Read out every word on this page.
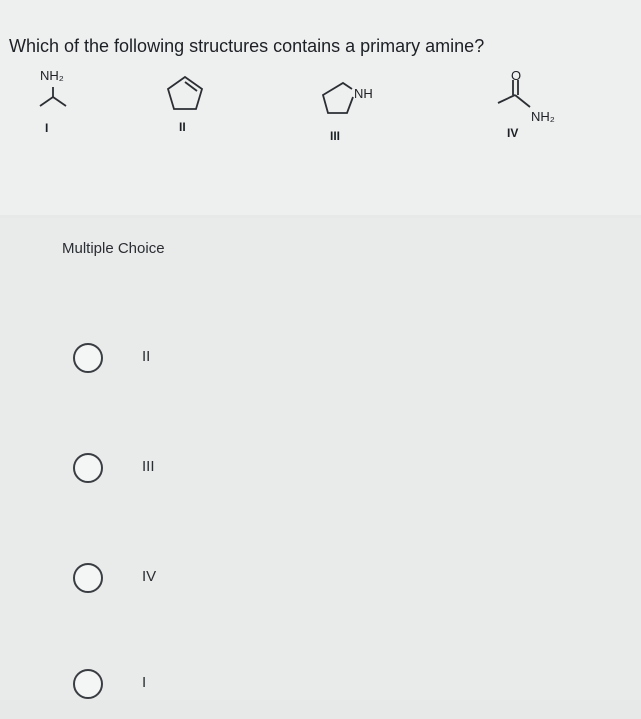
Which of the following structures contains a primary amine?
NH₂
NH
O
NH₂
I	II
III	IV
Multiple Choice
II
III
IV
I
